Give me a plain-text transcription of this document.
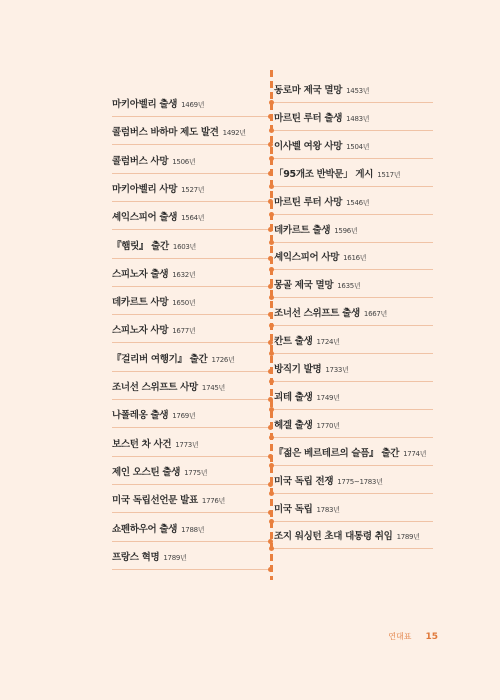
마키아벨리 출생 1469년
콜럼버스 바하마 제도 발견 1492년
콜럼버스 사망 1506년
마키아벨리 사망 1527년
셰익스피어 출생 1564년
『햄릿』 출간 1603년
스피노자 출생 1632년
데카르트 사망 1650년
스피노자 사망 1677년
『걸리버 여행기』 출간 1726년
조너선 스위프트 사망 1745년
나폴레옹 출생 1769년
보스턴 차 사건 1773년
제인 오스틴 출생 1775년
미국 독립선언문 발표 1776년
쇼펜하우어 출생 1788년
프랑스 혁명 1789년
동로마 제국 멸망 1453년
마르틴 루터 출생 1483년
이사벨 여왕 사망 1504년
「95개조 반박문」 게시 1517년
마르틴 루터 사망 1546년
데카르트 출생 1596년
셰익스피어 사망 1616년
몽골 제국 멸망 1635년
조너선 스위프트 출생 1667년
칸트 출생 1724년
방직기 발명 1733년
괴테 출생 1749년
헤겔 출생 1770년
『젊은 베르테르의 슬픔』 출간 1774년
미국 독립 전쟁 1775~1783년
미국 독립 1783년
조지 워싱턴 초대 대통령 취임 1789년
연대표 15
